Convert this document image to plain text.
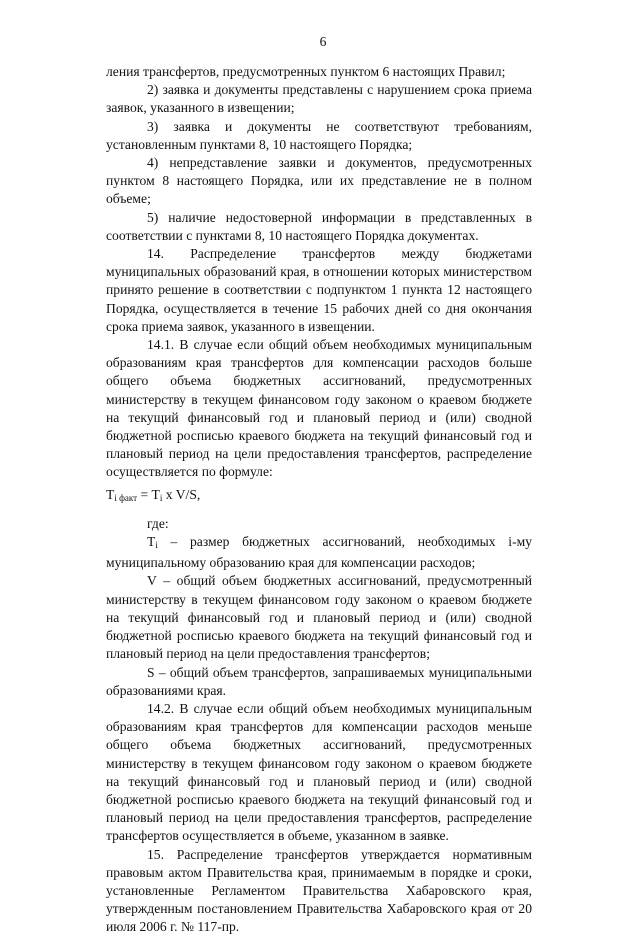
6

ления трансфертов, предусмотренных пунктом 6 настоящих Правил;

2) заявка и документы представлены с нарушением срока приема заявок, указанного в извещении;

3) заявка и документы не соответствуют требованиям, установленным пунктами 8, 10 настоящего Порядка;

4) непредставление заявки и документов, предусмотренных пунктом 8 настоящего Порядка, или их представление не в полном объеме;

5) наличие недостоверной информации в представленных в соответствии с пунктами 8, 10 настоящего Порядка документах.

14. Распределение трансфертов между бюджетами муниципальных образований края, в отношении которых министерством принято решение в соответствии с подпунктом 1 пункта 12 настоящего Порядка, осуществляется в течение 15 рабочих дней со дня окончания срока приема заявок, указанного в извещении.

14.1. В случае если общий объем необходимых муниципальным образованиям края трансфертов для компенсации расходов больше общего объема бюджетных ассигнований, предусмотренных министерству в текущем финансовом году законом о краевом бюджете на текущий финансовый год и плановый период и (или) сводной бюджетной росписью краевого бюджета на текущий финансовый год и плановый период на цели предоставления трансфертов, распределение осуществляется по формуле:

$T_{i факт} = T_i$ x V/S,

где:

$T_i$ – размер бюджетных ассигнований, необходимых i-му муниципальному образованию края для компенсации расходов;

V – общий объем бюджетных ассигнований, предусмотренный министерству в текущем финансовом году законом о краевом бюджете на текущий финансовый год и плановый период и (или) сводной бюджетной росписью краевого бюджета на текущий финансовый год и плановый период на цели предоставления трансфертов;

S – общий объем трансфертов, запрашиваемых муниципальными образованиями края.

14.2. В случае если общий объем необходимых муниципальным образованиям края трансфертов для компенсации расходов меньше общего объема бюджетных ассигнований, предусмотренных министерству в текущем финансовом году законом о краевом бюджете на текущий финансовый год и плановый период и (или) сводной бюджетной росписью краевого бюджета на текущий финансовый год и плановый период на цели предоставления трансфертов, распределение трансфертов осуществляется в объеме, указанном в заявке.

15. Распределение трансфертов утверждается нормативным правовым актом Правительства края, принимаемым в порядке и сроки, установленные Регламентом Правительства Хабаровского края, утвержденным постановлением Правительства Хабаровского края от 20 июля 2006 г. № 117-пр.
